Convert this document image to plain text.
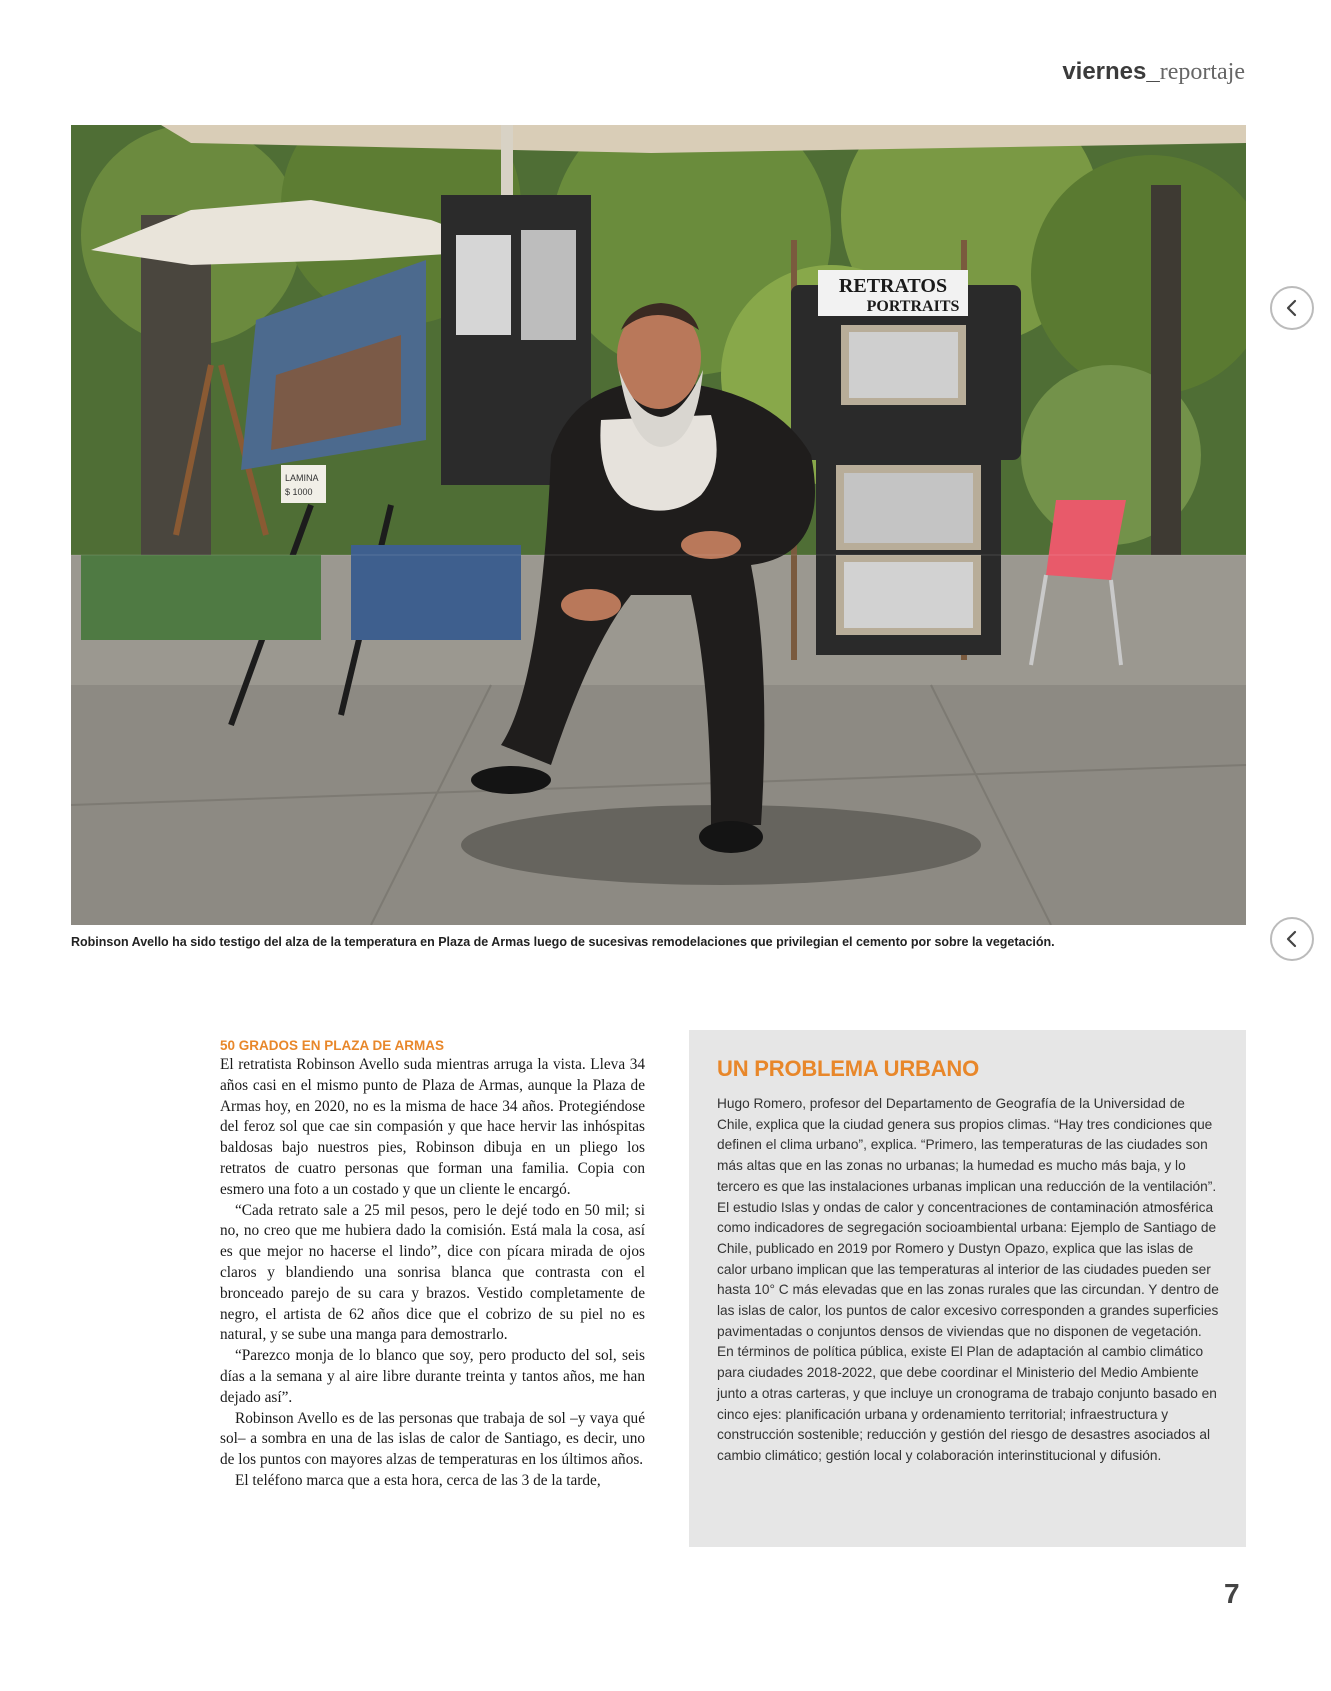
viernes_reportaje
LAMINA
$ 1000
RETRATOS
PORTRAITS
Robinson Avello ha sido testigo del alza de la temperatura en Plaza de Armas luego de sucesivas remodelaciones que privilegian el cemento por sobre la vegetación.
50 GRADOS EN PLAZA DE ARMAS

El retratista Robinson Avello suda mientras arruga la vista. Lleva 34 años casi en el mismo punto de Plaza de Armas, aunque la Plaza de Armas hoy, en 2020, no es la misma de hace 34 años. Protegiéndose del feroz sol que cae sin compasión y que hace hervir las inhóspitas baldosas bajo nuestros pies, Robinson dibuja en un pliego los retratos de cuatro personas que forman una familia. Copia con esmero una foto a un costado y que un cliente le encargó.

“Cada retrato sale a 25 mil pesos, pero le dejé todo en 50 mil; si no, no creo que me hubiera dado la comisión. Está mala la cosa, así es que mejor no hacerse el lindo”, dice con pícara mirada de ojos claros y blandiendo una sonrisa blanca que contrasta con el bronceado parejo de su cara y brazos. Vestido completamente de negro, el artista de 62 años dice que el cobrizo de su piel no es natural, y se sube una manga para demostrarlo.

“Parezco monja de lo blanco que soy, pero producto del sol, seis días a la semana y al aire libre durante treinta y tantos años, me han dejado así”.

Robinson Avello es de las personas que trabaja de sol –y vaya qué sol– a sombra en una de las islas de calor de Santiago, es decir, uno de los puntos con mayores alzas de temperaturas en los últimos años.

El teléfono marca que a esta hora, cerca de las 3 de la tarde,

UN PROBLEMA URBANO

Hugo Romero, profesor del Departamento de Geografía de la Universidad de Chile, explica que la ciudad genera sus propios climas. “Hay tres condiciones que definen el clima urbano”, explica. “Primero, las temperaturas de las ciudades son más altas que en las zonas no urbanas; la humedad es mucho más baja, y lo tercero es que las instalaciones urbanas implican una reducción de la ventilación”.

El estudio Islas y ondas de calor y concentraciones de contaminación atmosférica como indicadores de segregación socioambiental urbana: Ejemplo de Santiago de Chile, publicado en 2019 por Romero y Dustyn Opazo, explica que las islas de calor urbano implican que las temperaturas al interior de las ciudades pueden ser hasta 10° C más elevadas que en las zonas rurales que las circundan. Y dentro de las islas de calor, los puntos de calor excesivo corresponden a grandes superficies pavimentadas o conjuntos densos de viviendas que no disponen de vegetación.

En términos de política pública, existe El Plan de adaptación al cambio climático para ciudades 2018-2022, que debe coordinar el Ministerio del Medio Ambiente junto a otras carteras, y que incluye un cronograma de trabajo conjunto basado en cinco ejes: planificación urbana y ordenamiento territorial; infraestructura y construcción sostenible; reducción y gestión del riesgo de desastres asociados al cambio climático; gestión local y colaboración interinstitucional y difusión.

7
